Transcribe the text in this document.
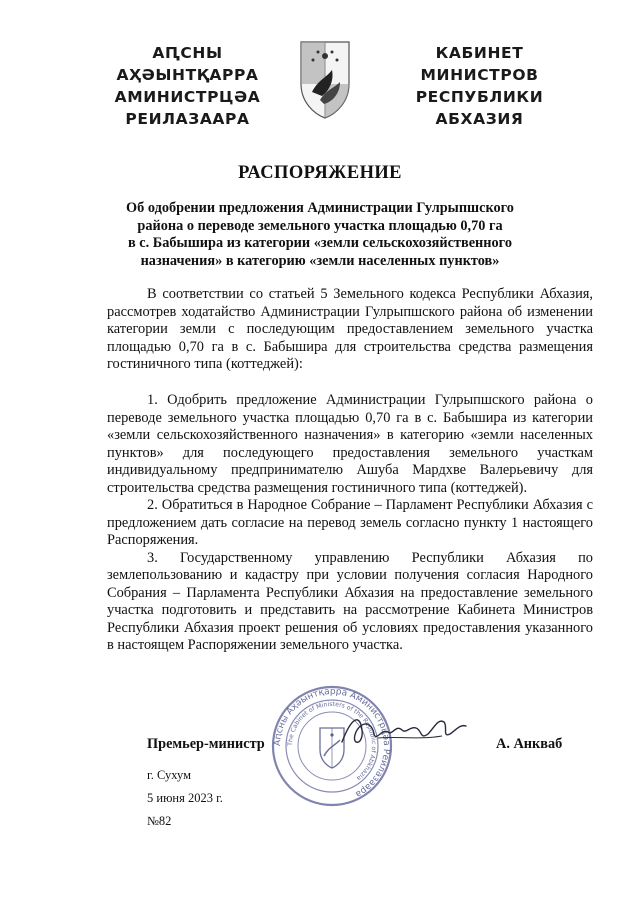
АԤСНЫ АҲӘЫНТҚАРРА
АМИНИСТРЦӘА РЕИЛАЗААРА
КАБИНЕТ МИНИСТРОВ
РЕСПУБЛИКИ АБХАЗИЯ
РАСПОРЯЖЕНИЕ
Об одобрении предложения Администрации Гулрыпшского
района о переводе земельного участка площадью 0,70 га
в с. Бабышира из категории «земли сельскохозяйственного
назначения» в категорию «земли населенных пунктов»

В соответствии со статьей 5 Земельного кодекса Республики Абхазия, рассмотрев ходатайство Администрации Гулрыпшского района об изменении категории земли с последующим предоставлением земельного участка площадью 0,70 га в с. Бабышира для строительства средства размещения гостиничного типа (коттеджей):

1. Одобрить предложение Администрации Гулрыпшского района о переводе земельного участка площадью 0,70 га в с. Бабышира из категории «земли сельскохозяйственного назначения» в категорию «земли населенных пунктов» для последующего предоставления земельного участкам индивидуальному предпринимателю Ашуба Мардхве Валерьевичу для строительства средства размещения гостиничного типа (коттеджей).

2. Обратиться в Народное Собрание – Парламент Республики Абхазия с предложением дать согласие на перевод земель согласно пункту 1 настоящего Распоряжения.

3. Государственному управлению Республики Абхазия по землепользованию и кадастру при условии получения согласия Народного Собрания – Парламента Республики Абхазия на предоставление земельного участка подготовить и представить на рассмотрение Кабинета Министров Республики Абхазия проект решения об условиях предоставления указанного в настоящем Распоряжении земельного участка.

Премьер-министр	А. Анкваб
Аԥсны Аҳәынтқарра Аминистрцәа Реилазаара
The Cabinet of Ministers of the Republic of Abkhazia
г. Сухум
5 июня 2023 г.
№82
